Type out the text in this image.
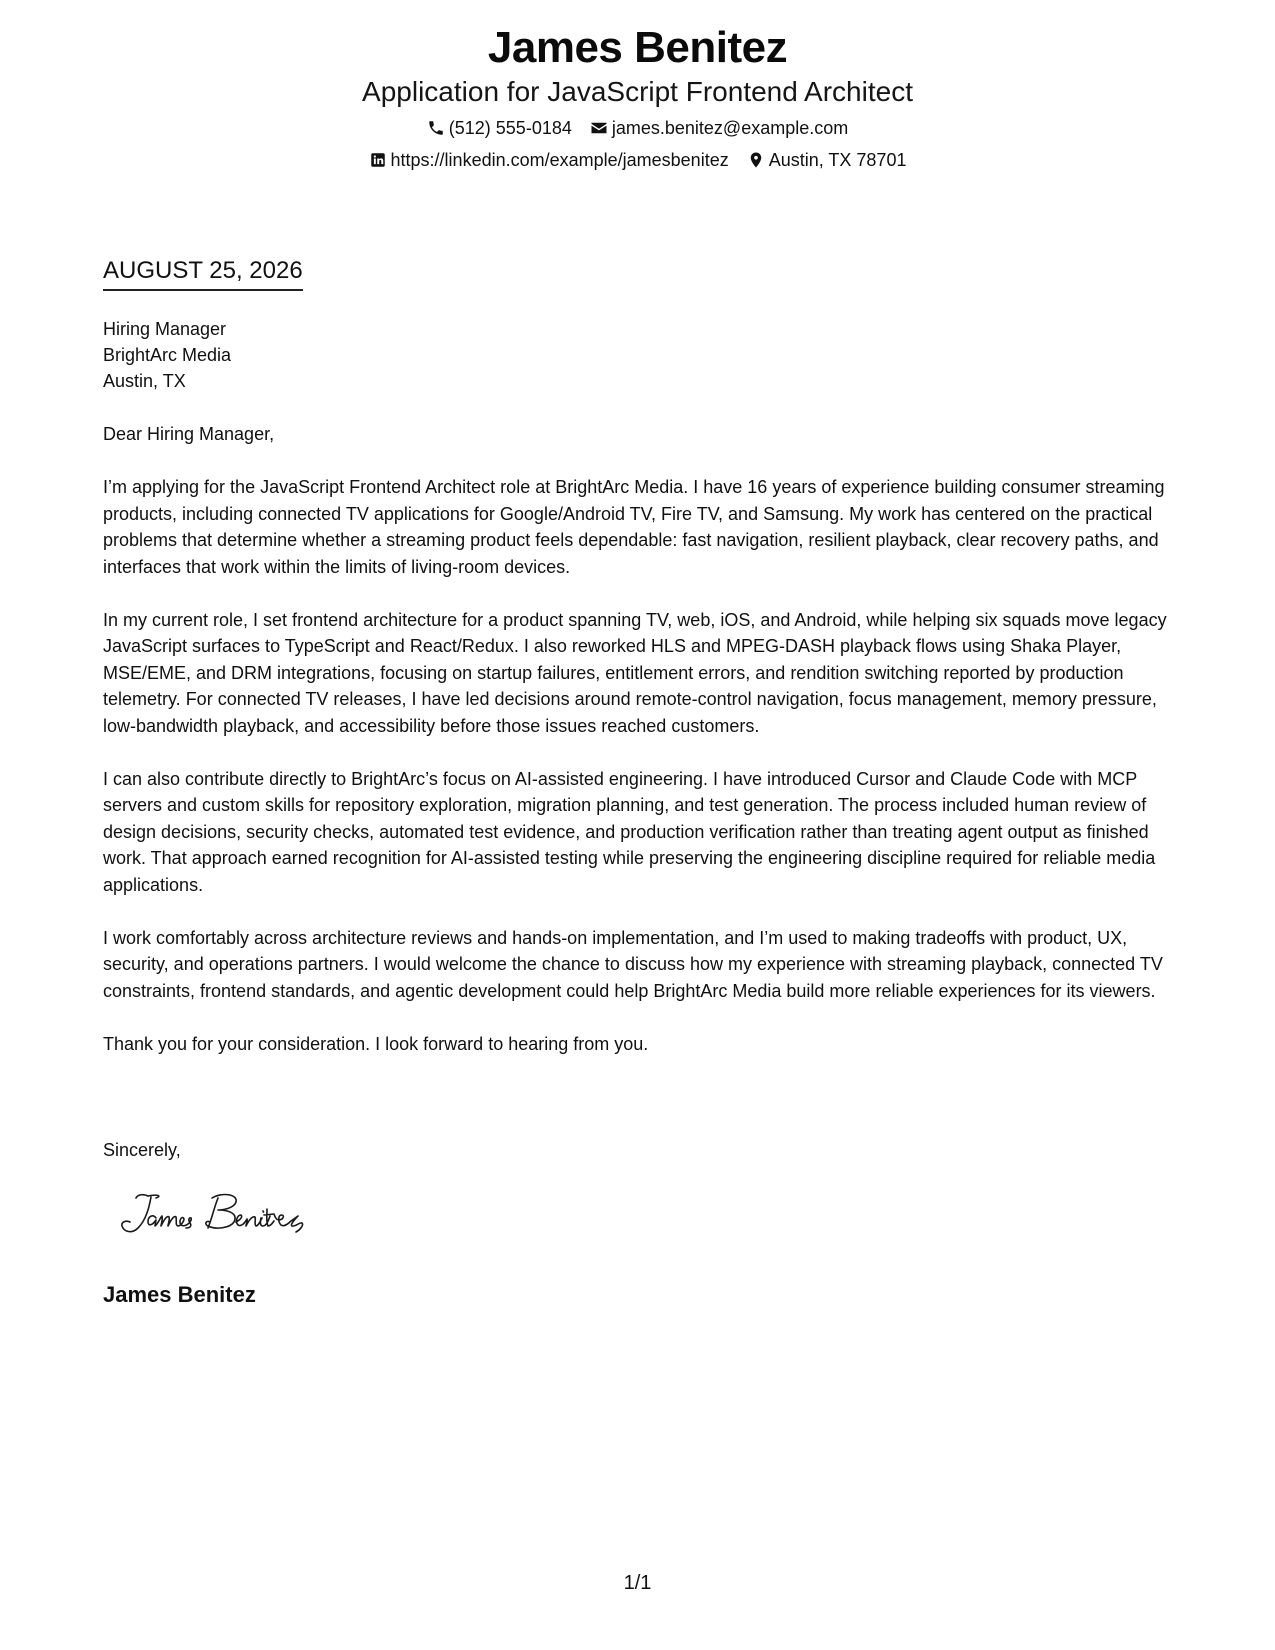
James Benitez
Application for JavaScript Frontend Architect
(512) 555-0184 james.benitez@example.com
https://linkedin.com/example/jamesbenitez Austin, TX 78701
AUGUST 25, 2026
Hiring Manager
BrightArc Media
Austin, TX

Dear Hiring Manager,

I’m applying for the JavaScript Frontend Architect role at BrightArc Media. I have 16 years of experience building consumer streaming products, including connected TV applications for Google/Android TV, Fire TV, and Samsung. My work has centered on the practical problems that determine whether a streaming product feels dependable: fast navigation, resilient playback, clear recovery paths, and interfaces that work within the limits of living-room devices.

In my current role, I set frontend architecture for a product spanning TV, web, iOS, and Android, while helping six squads move legacy JavaScript surfaces to TypeScript and React/Redux. I also reworked HLS and MPEG-DASH playback flows using Shaka Player, MSE/EME, and DRM integrations, focusing on startup failures, entitlement errors, and rendition switching reported by production telemetry. For connected TV releases, I have led decisions around remote-control navigation, focus management, memory pressure, low-bandwidth playback, and accessibility before those issues reached customers.

I can also contribute directly to BrightArc’s focus on AI-assisted engineering. I have introduced Cursor and Claude Code with MCP servers and custom skills for repository exploration, migration planning, and test generation. The process included human review of design decisions, security checks, automated test evidence, and production verification rather than treating agent output as finished work. That approach earned recognition for AI-assisted testing while preserving the engineering discipline required for reliable media applications.

I work comfortably across architecture reviews and hands-on implementation, and I’m used to making tradeoffs with product, UX, security, and operations partners. I would welcome the chance to discuss how my experience with streaming playback, connected TV constraints, frontend standards, and agentic development could help BrightArc Media build more reliable experiences for its viewers.

Thank you for your consideration. I look forward to hearing from you.

Sincerely,
James Benitez
1/1
